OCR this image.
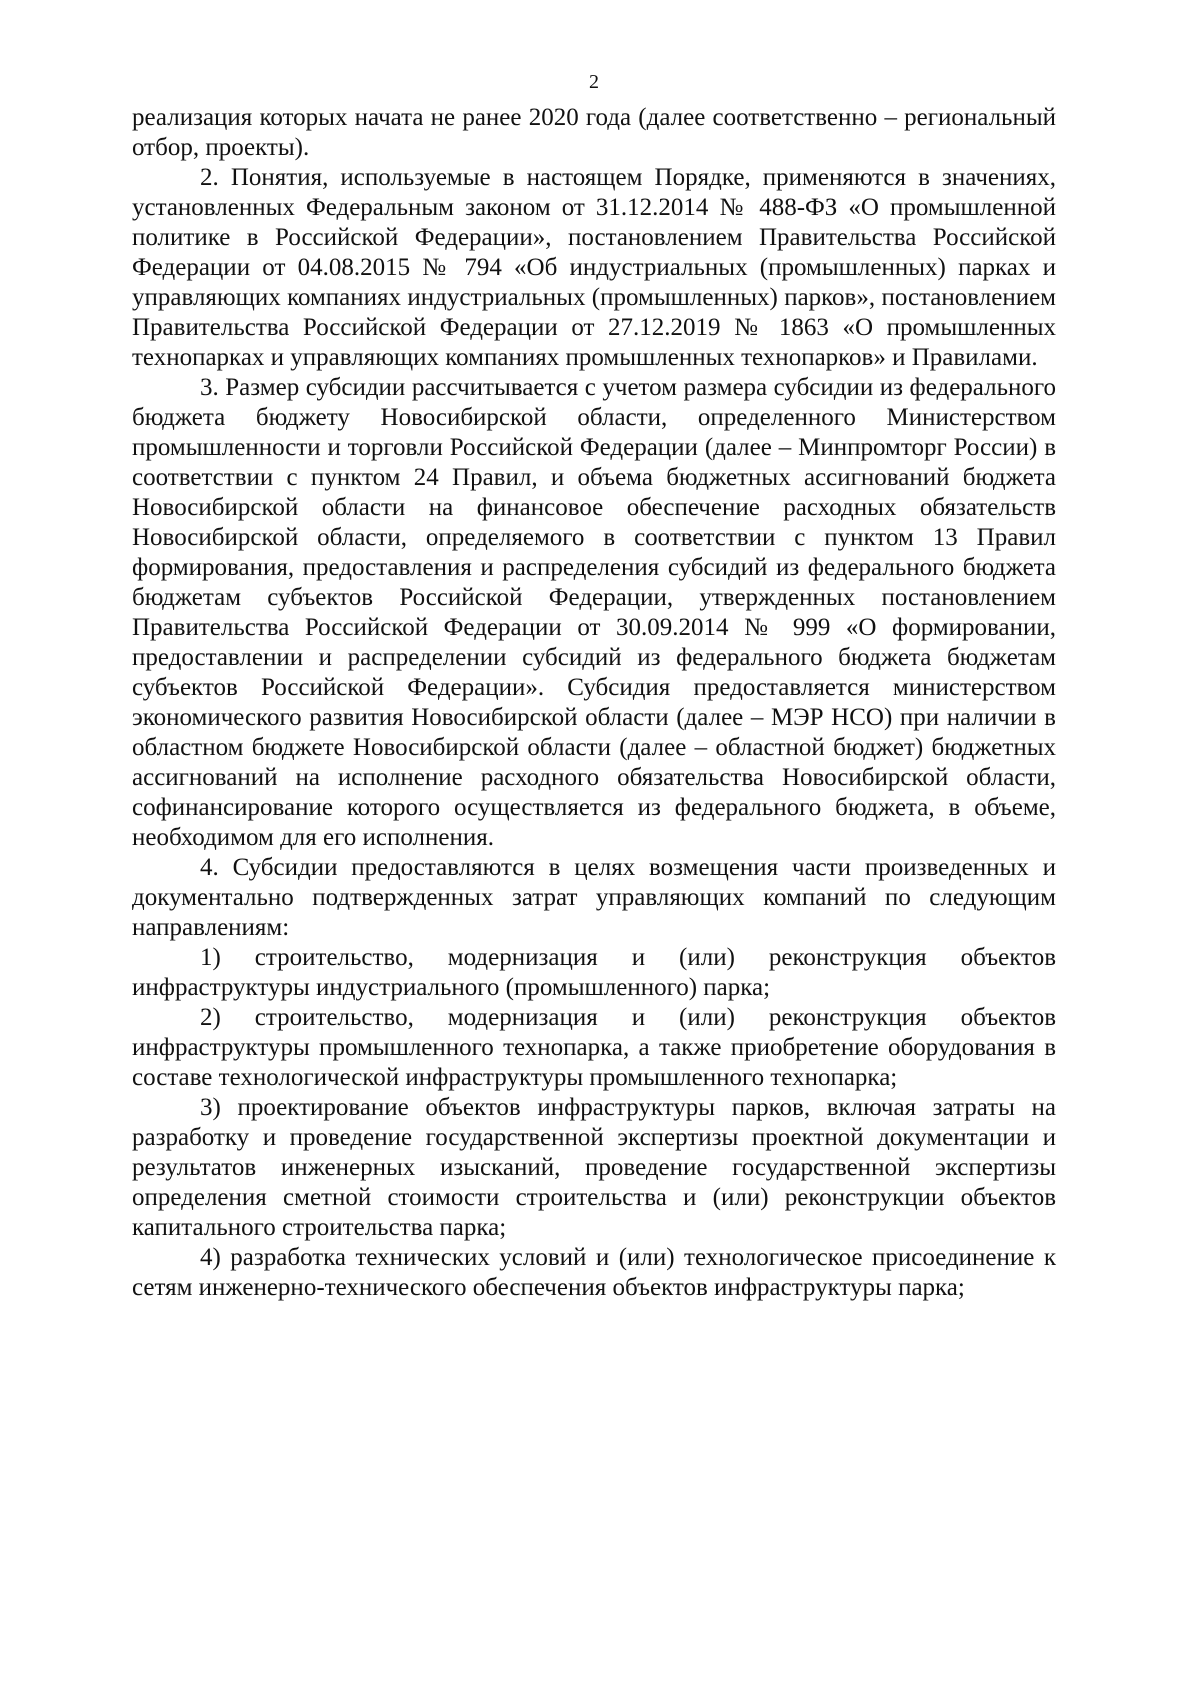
2

реализация которых начата не ранее 2020 года (далее соответственно – региональный отбор, проекты).

2. Понятия, используемые в настоящем Порядке, применяются в значениях, установленных Федеральным законом от 31.12.2014 № 488-ФЗ «О промышленной политике в Российской Федерации», постановлением Правительства Российской Федерации от 04.08.2015 № 794 «Об индустриальных (промышленных) парках и управляющих компаниях индустриальных (промышленных) парков», постановлением Правительства Российской Федерации от 27.12.2019 № 1863 «О промышленных технопарках и управляющих компаниях промышленных технопарков» и Правилами.

3. Размер субсидии рассчитывается с учетом размера субсидии из федерального бюджета бюджету Новосибирской области, определенного Министерством промышленности и торговли Российской Федерации (далее – Минпромторг России) в соответствии с пунктом 24 Правил, и объема бюджетных ассигнований бюджета Новосибирской области на финансовое обеспечение расходных обязательств Новосибирской области, определяемого в соответствии с пунктом 13 Правил формирования, предоставления и распределения субсидий из федерального бюджета бюджетам субъектов Российской Федерации, утвержденных постановлением Правительства Российской Федерации от 30.09.2014 № 999 «О формировании, предоставлении и распределении субсидий из федерального бюджета бюджетам субъектов Российской Федерации». Субсидия предоставляется министерством экономического развития Новосибирской области (далее – МЭР НСО) при наличии в областном бюджете Новосибирской области (далее – областной бюджет) бюджетных ассигнований на исполнение расходного обязательства Новосибирской области, софинансирование которого осуществляется из федерального бюджета, в объеме, необходимом для его исполнения.

4. Субсидии предоставляются в целях возмещения части произведенных и документально подтвержденных затрат управляющих компаний по следующим направлениям:

1) строительство, модернизация и (или) реконструкция объектов инфраструктуры индустриального (промышленного) парка;

2) строительство, модернизация и (или) реконструкция объектов инфраструктуры промышленного технопарка, а также приобретение оборудования в составе технологической инфраструктуры промышленного технопарка;

3) проектирование объектов инфраструктуры парков, включая затраты на разработку и проведение государственной экспертизы проектной документации и результатов инженерных изысканий, проведение государственной экспертизы определения сметной стоимости строительства и (или) реконструкции объектов капитального строительства парка;

4) разработка технических условий и (или) технологическое присоединение к сетям инженерно-технического обеспечения объектов инфраструктуры парка;
